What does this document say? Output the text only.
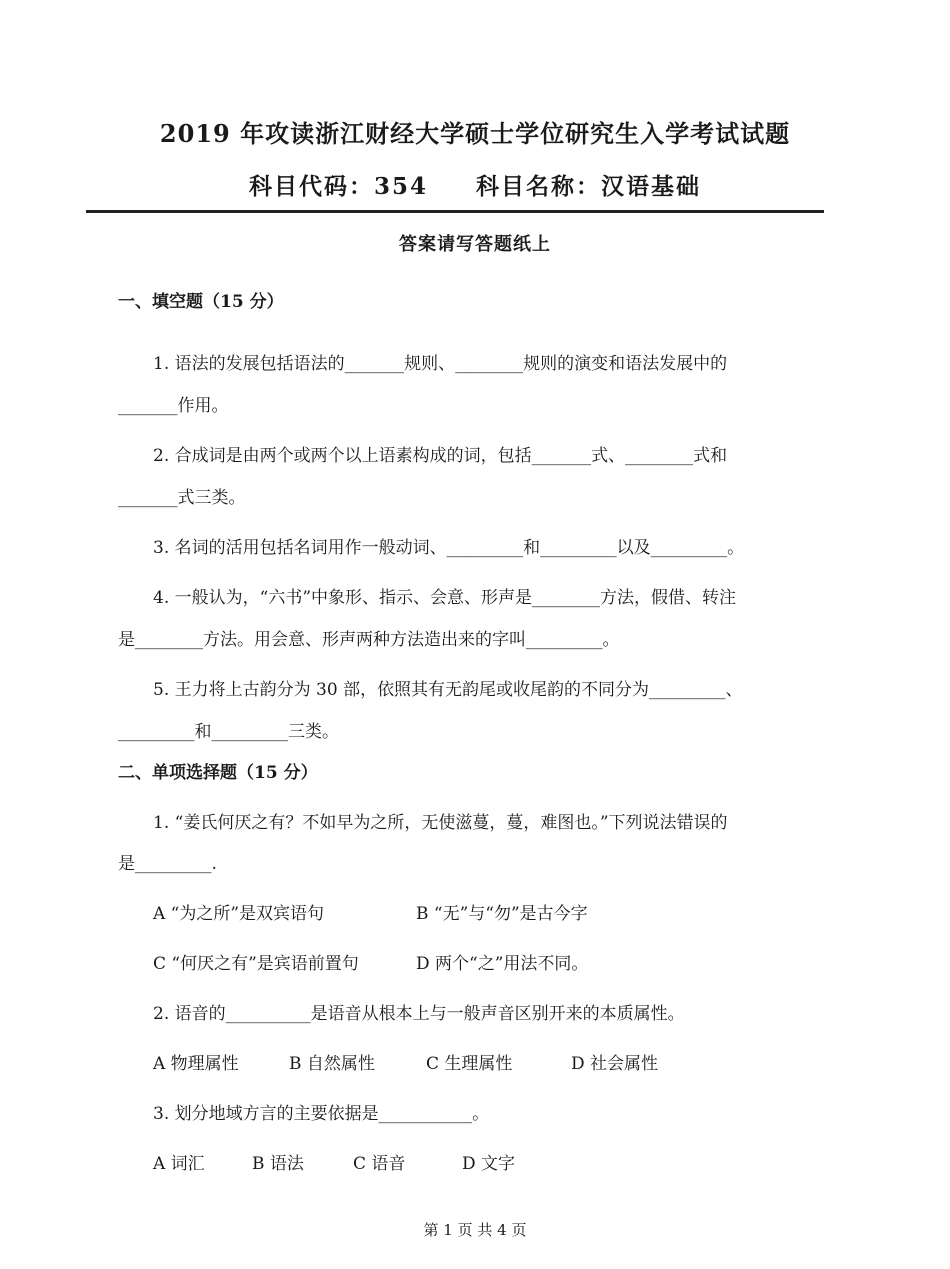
2019 年攻读浙江财经大学硕士学位研究生入学考试试题
科目代码：354 科目名称：汉语基础
答案请写答题纸上
一、填空题（15 分）
1. 语法的发展包括语法的_______规则、________规则的演变和语法发展中的
_______作用。
2. 合成词是由两个或两个以上语素构成的词，包括_______式、________式和
_______式三类。
3. 名词的活用包括名词用作一般动词、_________和_________以及_________。
4. 一般认为，“六书”中象形、指示、会意、形声是________方法，假借、转注
是________方法。用会意、形声两种方法造出来的字叫_________。
5. 王力将上古韵分为 30 部，依照其有无韵尾或收尾韵的不同分为_________、
_________和_________三类。
二、单项选择题（15 分）
1. “姜氏何厌之有？不如早为之所，无使滋蔓，蔓，难图也。”下列说法错误的
是_________.
A “为之所”是双宾语句	B “无”与“勿”是古今字
C “何厌之有”是宾语前置句	D 两个“之”用法不同。
2. 语音的__________是语音从根本上与一般声音区别开来的本质属性。
A 物理属性	B 自然属性	C 生理属性	D 社会属性
3. 划分地域方言的主要依据是___________。
A 词汇	B 语法	C 语音	D 文字
第 1 页 共 4 页
